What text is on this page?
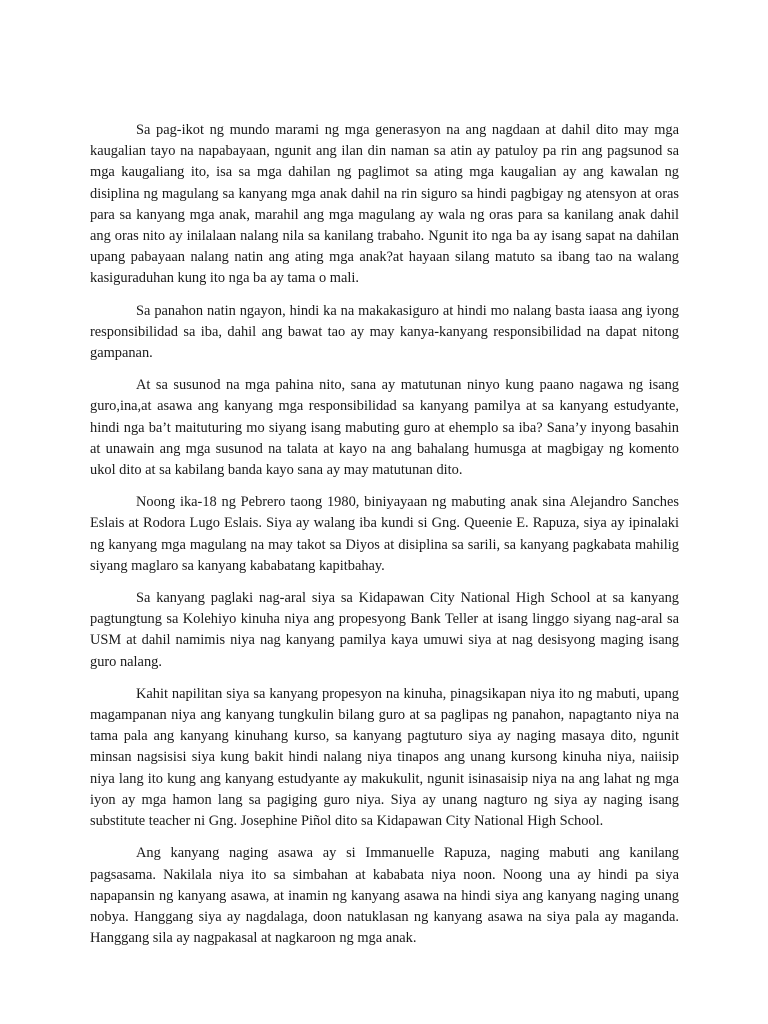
Sa pag-ikot ng mundo marami ng mga generasyon na ang nagdaan at dahil dito may mga kaugalian tayo na napabayaan, ngunit ang ilan din naman sa atin ay patuloy pa rin ang pagsunod sa mga kaugaliang ito, isa sa mga dahilan ng paglimot sa ating mga kaugalian ay ang kawalan ng disiplina ng magulang sa kanyang mga anak dahil na rin siguro sa hindi pagbigay ng atensyon at oras para sa kanyang mga anak, marahil ang mga magulang ay wala ng oras para sa kanilang anak dahil ang oras nito ay inilalaan nalang nila sa kanilang trabaho. Ngunit ito nga ba ay isang sapat na dahilan upang pabayaan nalang natin ang ating mga anak?at hayaan silang matuto sa ibang tao na walang kasiguraduhan kung ito nga ba ay tama o mali.

Sa panahon natin ngayon, hindi ka na makakasiguro at hindi mo nalang basta iaasa ang iyong responsibilidad sa iba, dahil ang bawat tao ay may kanya-kanyang responsibilidad na dapat nitong gampanan.

At sa susunod na mga pahina nito, sana ay matutunan ninyo kung paano nagawa ng isang guro,ina,at asawa ang kanyang mga responsibilidad sa kanyang pamilya at sa kanyang estudyante, hindi nga ba’t maituturing mo siyang isang mabuting guro at ehemplo sa iba? Sana’y inyong basahin at unawain ang mga susunod na talata at kayo na ang bahalang humusga at magbigay ng komento ukol dito at sa kabilang banda kayo sana ay may matutunan dito.

Noong ika-18 ng Pebrero taong 1980, biniyayaan ng mabuting anak sina Alejandro Sanches Eslais at Rodora Lugo Eslais. Siya ay walang iba kundi si Gng. Queenie E. Rapuza, siya ay ipinalaki ng kanyang mga magulang na may takot sa Diyos at disiplina sa sarili, sa kanyang pagkabata mahilig siyang maglaro sa kanyang kababatang kapitbahay.

Sa kanyang paglaki nag-aral siya sa Kidapawan City National High School at sa kanyang pagtungtung sa Kolehiyo kinuha niya ang propesyong Bank Teller at isang linggo siyang nag-aral sa USM at dahil namimis niya nag kanyang pamilya kaya umuwi siya at nag desisyong maging isang guro nalang.

Kahit napilitan siya sa kanyang propesyon na kinuha, pinagsikapan niya ito ng mabuti, upang magampanan niya ang kanyang tungkulin bilang guro at sa paglipas ng panahon, napagtanto niya na tama pala ang kanyang kinuhang kurso, sa kanyang pagtuturo siya ay naging masaya dito, ngunit minsan nagsisisi siya kung bakit hindi nalang niya tinapos ang unang kursong kinuha niya, naiisip niya lang ito kung ang kanyang estudyante ay makukulit, ngunit isinasaisip niya na ang lahat ng mga iyon ay mga hamon lang sa pagiging guro niya. Siya ay unang nagturo ng siya ay naging isang substitute teacher ni Gng. Josephine Piñol dito sa Kidapawan City National High School.

Ang kanyang naging asawa ay si Immanuelle Rapuza, naging mabuti ang kanilang pagsasama. Nakilala niya ito sa simbahan at kababata niya noon. Noong una ay hindi pa siya napapansin ng kanyang asawa, at inamin ng kanyang asawa na hindi siya ang kanyang naging unang nobya. Hanggang siya ay nagdalaga, doon natuklasan ng kanyang asawa na siya pala ay maganda. Hanggang sila ay nagpakasal at nagkaroon ng mga anak.
